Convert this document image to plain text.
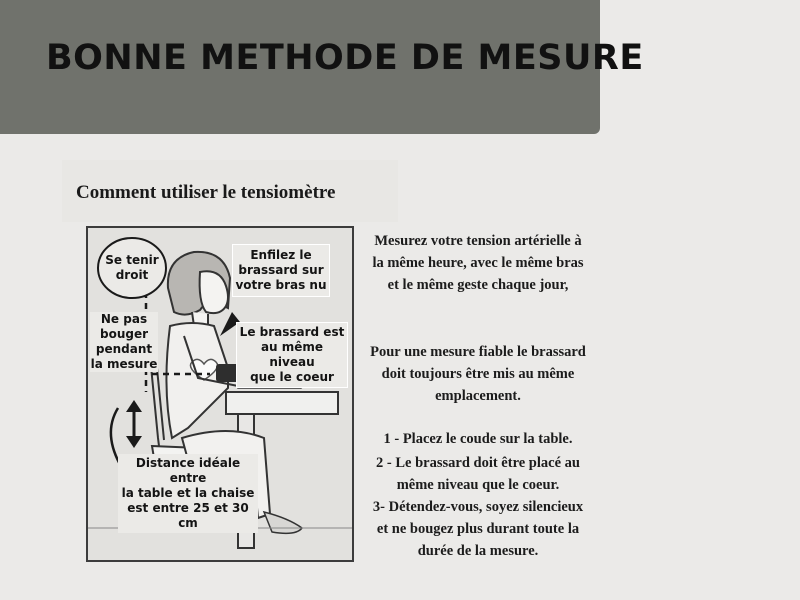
BONNE METHODE DE MESURE
Comment utiliser le tensiomètre
Se tenir
droit
Enfilez le
brassard sur
votre bras nu
Ne pas
bouger
pendant
la mesure
Le brassard est
au même niveau
que le coeur
Distance idéale entre
la table et la chaise
est entre 25 et 30 cm
Mesurez votre tension artérielle à
la même heure, avec le même bras
et le même geste chaque jour,
Pour une mesure fiable le brassard
doit toujours être mis au même
emplacement.
1 - Placez le coude sur la table.
2 - Le brassard doit être placé au
même niveau que le coeur.
3- Détendez-vous, soyez silencieux
et ne bougez plus durant toute la
durée de la mesure.
